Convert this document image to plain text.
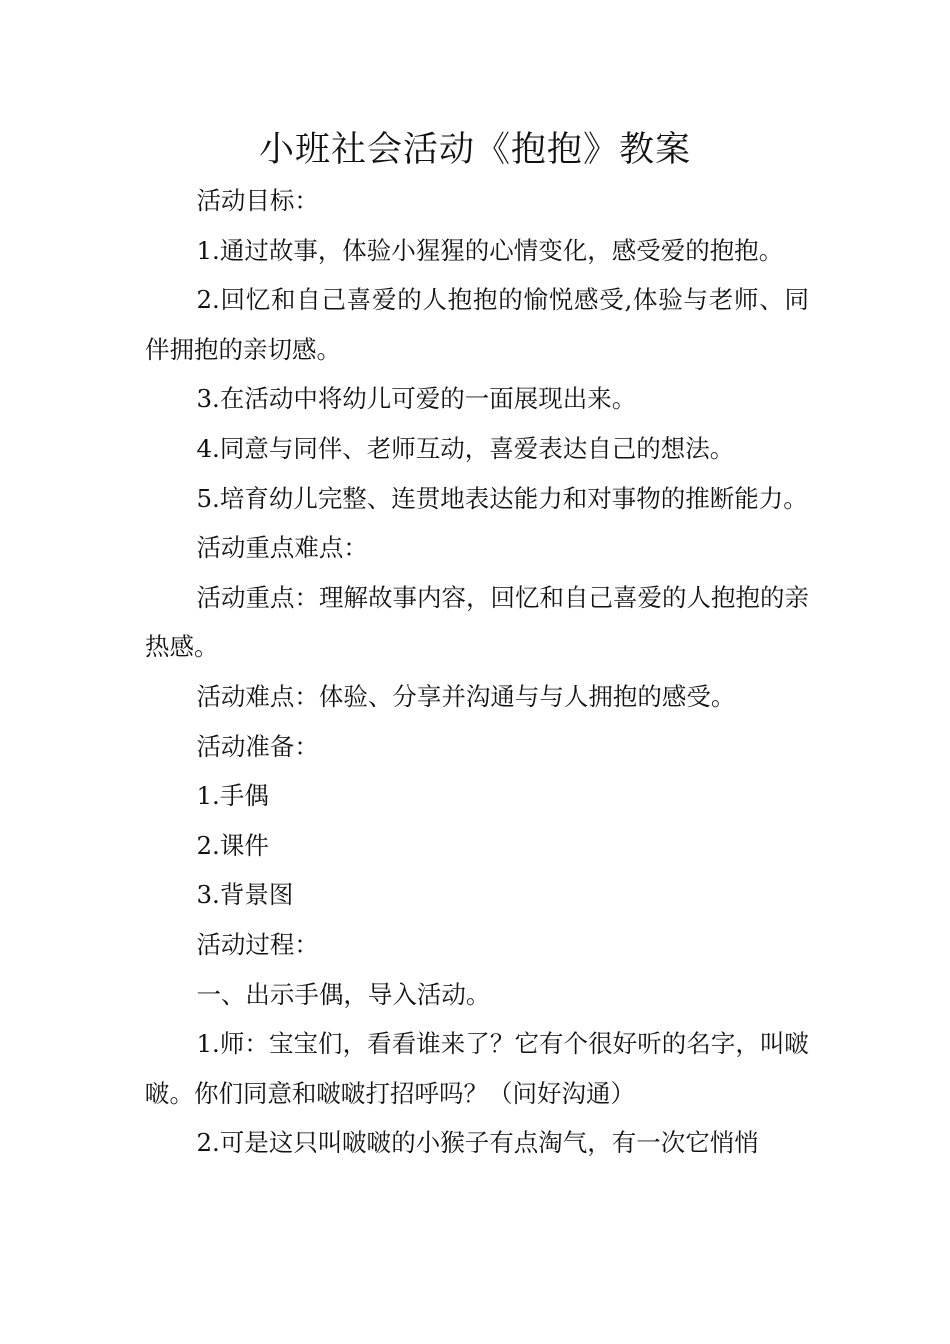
小班社会活动《抱抱》教案

活动目标：

1.通过故事，体验小猩猩的心情变化，感受爱的抱抱。

2.回忆和自己喜爱的人抱抱的愉悦感受,体验与老师、同伴拥抱的亲切感。

3.在活动中将幼儿可爱的一面展现出来。

4.同意与同伴、老师互动，喜爱表达自己的想法。

5.培育幼儿完整、连贯地表达能力和对事物的推断能力。

活动重点难点：

活动重点：理解故事内容，回忆和自己喜爱的人抱抱的亲热感。

活动难点：体验、分享并沟通与与人拥抱的感受。

活动准备：

1.手偶

2.课件

3.背景图

活动过程：

一、出示手偶，导入活动。

1.师：宝宝们，看看谁来了？它有个很好听的名字，叫啵啵。你们同意和啵啵打招呼吗？（问好沟通）

2.可是这只叫啵啵的小猴子有点淘气，有一次它悄悄
